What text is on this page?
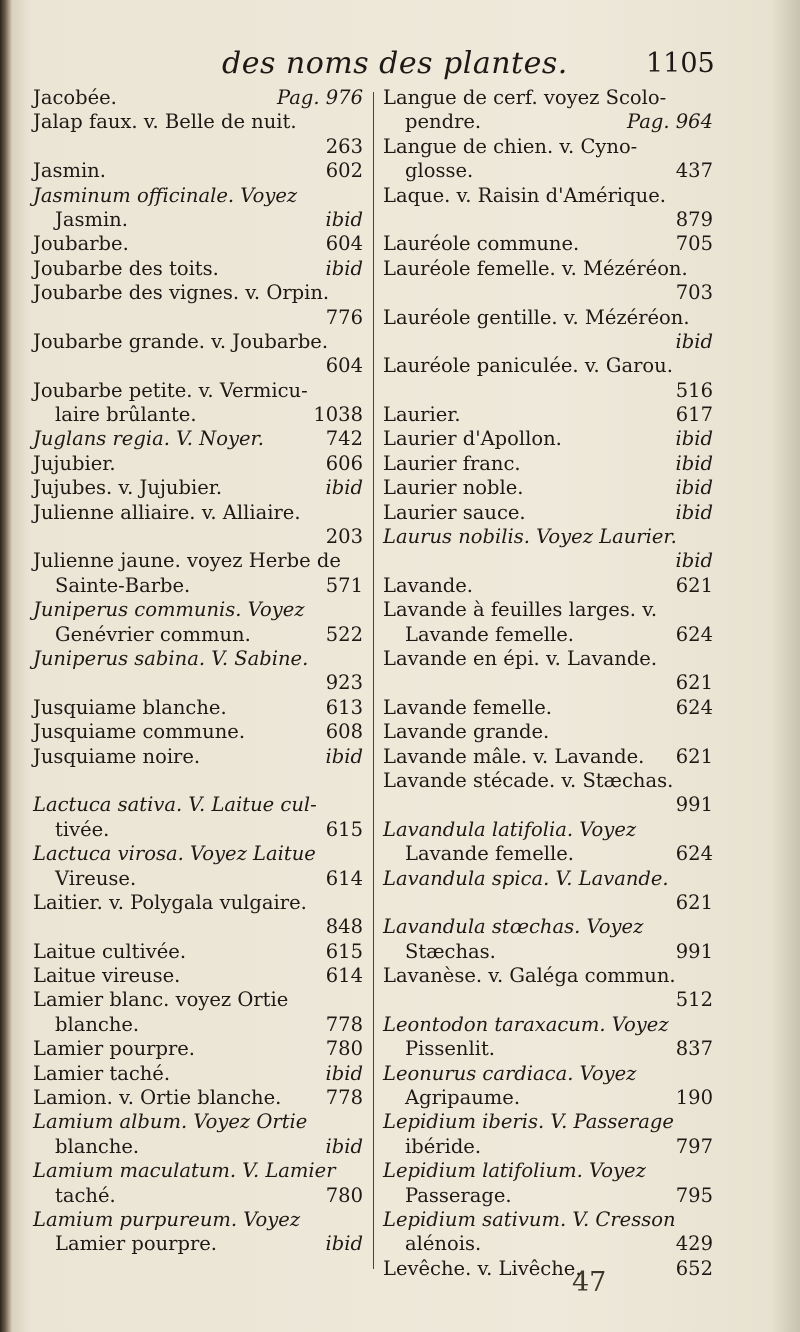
des noms des plantes.	1105
Jacobée.	Pag. 976
Jalap faux. v. Belle de nuit.
263
Jasmin.	602
Jasminum officinale. Voyez
Jasmin.	ibid
Joubarbe.	604
Joubarbe des toits.	ibid
Joubarbe des vignes. v. Orpin.
776
Joubarbe grande. v. Joubarbe.
604
Joubarbe petite. v. Vermicu-
laire brûlante.	1038
Juglans regia. V. Noyer.	742
Jujubier.	606
Jujubes. v. Jujubier.	ibid
Julienne alliaire. v. Alliaire.
203
Julienne jaune. voyez Herbe de
Sainte-Barbe.	571
Juniperus communis. Voyez
Genévrier commun.	522
Juniperus sabina. V. Sabine.
923
Jusquiame blanche.	613
Jusquiame commune.	608
Jusquiame noire.	ibid
Lactuca sativa. V. Laitue cul-
tivée.	615
Lactuca virosa. Voyez Laitue
Vireuse.	614
Laitier. v. Polygala vulgaire.
848
Laitue cultivée.	615
Laitue vireuse.	614
Lamier blanc. voyez Ortie
blanche.	778
Lamier pourpre.	780
Lamier taché.	ibid
Lamion. v. Ortie blanche. 778
Lamium album. Voyez Ortie
blanche.	ibid
Lamium maculatum. V. Lamier
taché.	780
Lamium purpureum. Voyez
Lamier pourpre.	ibid
Langue de cerf. voyez Scolo-
pendre.	Pag. 964
Langue de chien. v. Cyno-
glosse.	437
Laque. v. Raisin d'Amérique.
879
Lauréole commune.	705
Lauréole femelle. v. Mézéréon.
703
Lauréole gentille. v. Mézéréon.
ibid
Lauréole paniculée. v. Garou.
516
Laurier.	617
Laurier d'Apollon.	ibid
Laurier franc.	ibid
Laurier noble.	ibid
Laurier sauce.	ibid
Laurus nobilis. Voyez Laurier.
ibid
Lavande.	621
Lavande à feuilles larges. v.
Lavande femelle.	624
Lavande en épi. v. Lavande.
621
Lavande femelle.	624
Lavande grande.
Lavande mâle. v. Lavande. 621
Lavande stécade. v. Stæchas.
991
Lavandula latifolia. Voyez
Lavande femelle.	624
Lavandula spica. V. Lavande.
621
Lavandula stœchas. Voyez
Stæchas.	991
Lavanèse. v. Galéga commun.
512
Leontodon taraxacum. Voyez
Pissenlit.	837
Leonurus cardiaca. Voyez
Agripaume.	190
Lepidium iberis. V. Passerage
ibéride.	797
Lepidium latifolium. Voyez
Passerage.	795
Lepidium sativum. V. Cresson
alénois.	429
Levêche. v. Livêche.	652
47
